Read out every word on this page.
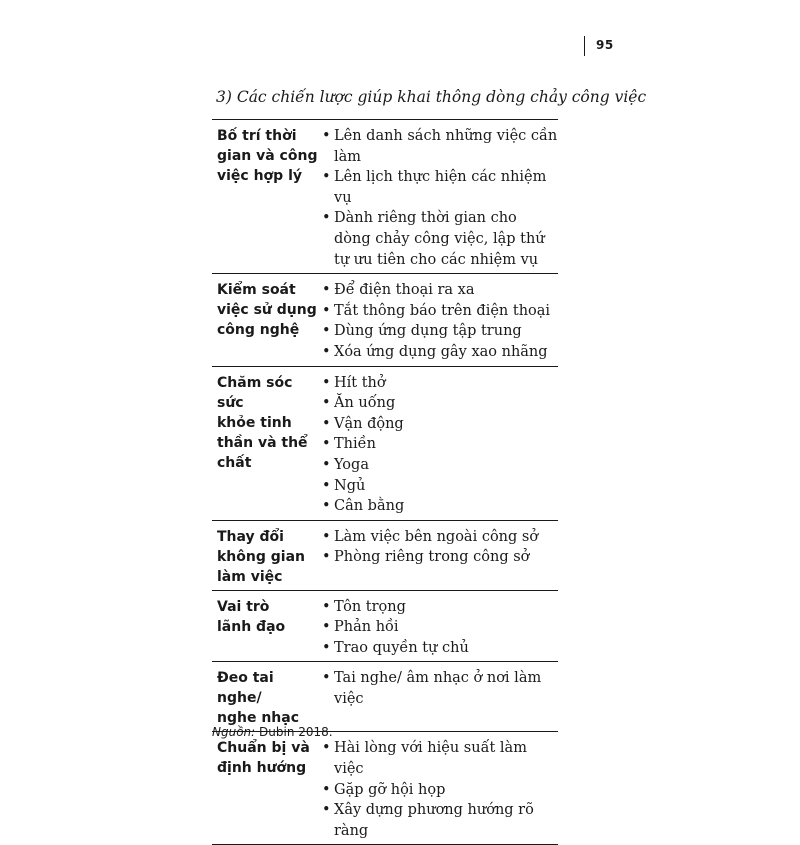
95
3) Các chiến lược giúp khai thông dòng chảy công việc
Bố trí thời
gian và công
việc hợp lý
• Lên danh sách những việc cần làm
• Lên lịch thực hiện các nhiệm vụ
• Dành riêng thời gian cho dòng chảy công việc, lập thứ tự ưu tiên cho các nhiệm vụ
Kiểm soát
việc sử dụng
công nghệ
• Để điện thoại ra xa
• Tắt thông báo trên điện thoại
• Dùng ứng dụng tập trung
• Xóa ứng dụng gây xao nhãng
Chăm sóc sức
khỏe tinh
thần và thể
chất
• Hít thở
• Ăn uống
• Vận động
• Thiền
• Yoga
• Ngủ
• Cân bằng
Thay đổi
không gian
làm việc
• Làm việc bên ngoài công sở
• Phòng riêng trong công sở
Vai trò
lãnh đạo
• Tôn trọng
• Phản hồi
• Trao quyền tự chủ
Đeo tai nghe/
nghe nhạc
• Tai nghe/ âm nhạc ở nơi làm việc
Chuẩn bị và
định hướng
• Hài lòng với hiệu suất làm việc
• Gặp gỡ hội họp
• Xây dựng phương hướng rõ ràng
Nguồn: Dubin 2018.
